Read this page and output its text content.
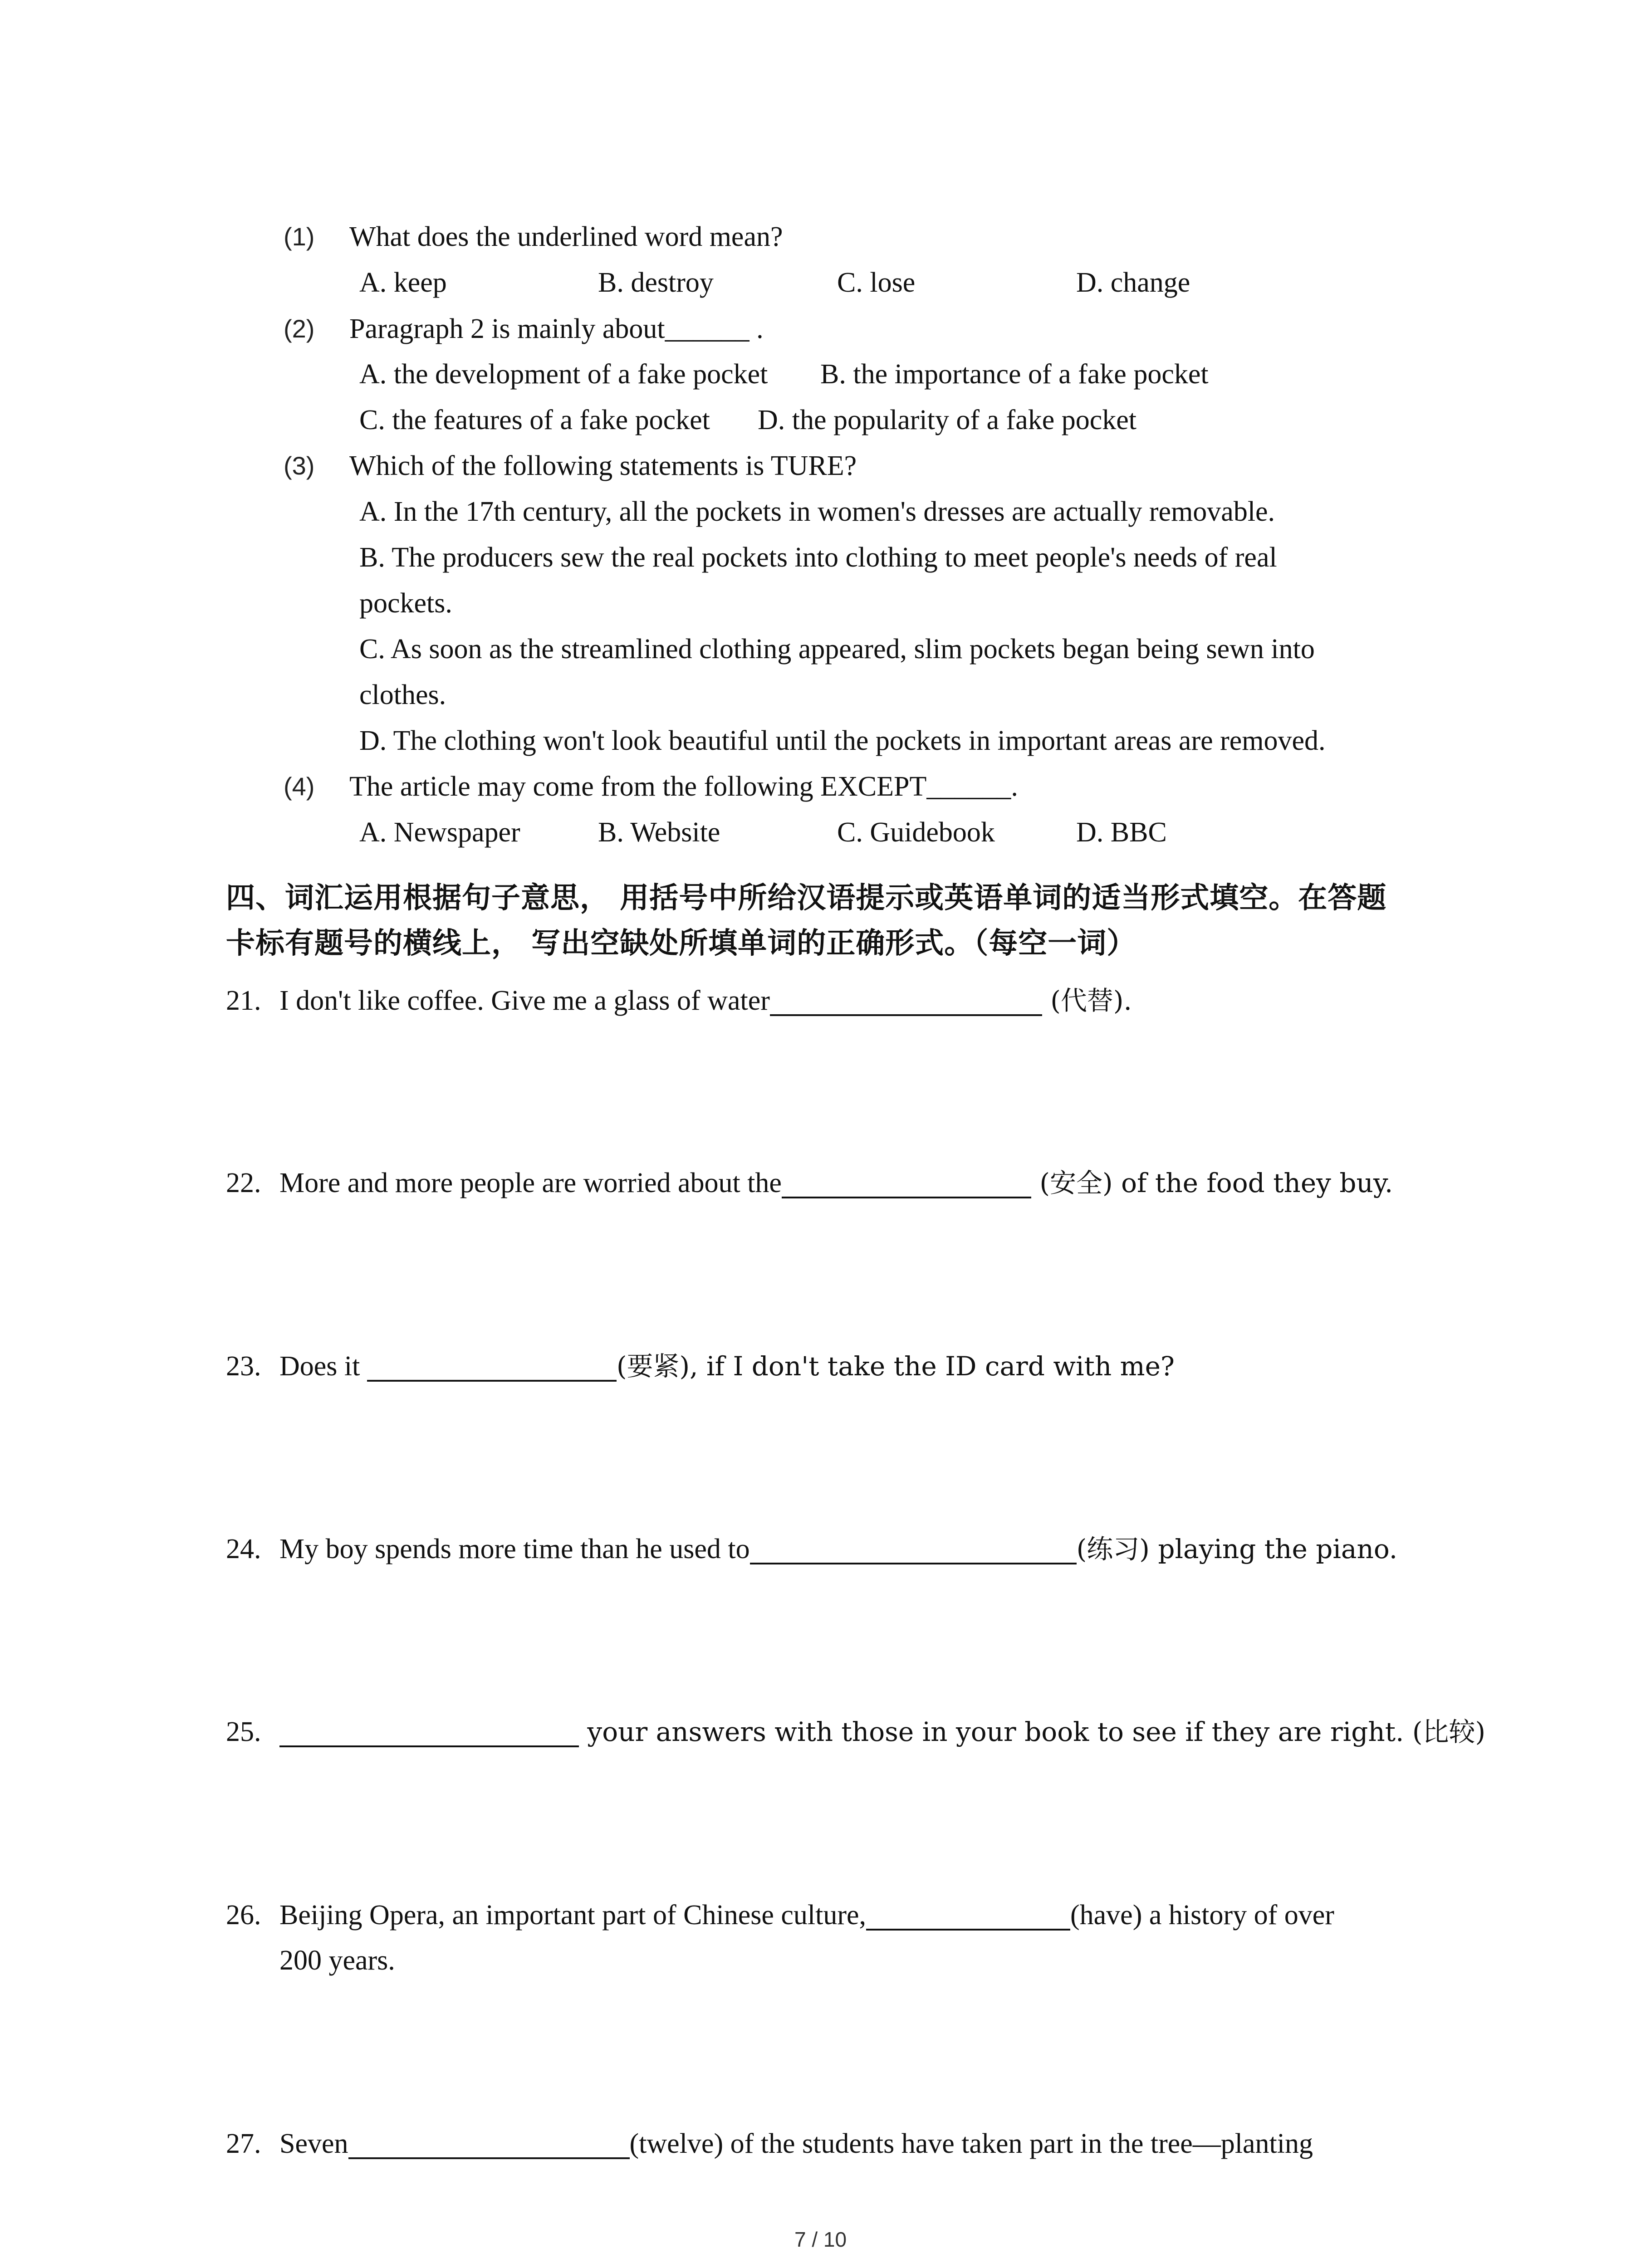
(1)	What does the underlined word mean?
A. keep	B. destroy	C. lose	D. change
(2)	Paragraph 2 is mainly about______ .
A. the development of a fake pocket B. the importance of a fake pocket
C. the features of a fake pocket D. the popularity of a fake pocket
(3)	Which of the following statements is TURE?
A. In the 17th century, all the pockets in women's dresses are actually removable.
B. The producers sew the real pockets into clothing to meet people's needs of real
pockets.
C. As soon as the streamlined clothing appeared, slim pockets began being sewn into
clothes.
D. The clothing won't look beautiful until the pockets in important areas are removed.
(4)	The article may come from the following EXCEPT______.
A. Newspaper	B. Website	C. Guidebook	D. BBC
四、词汇运用根据句子意思， 用括号中所给汉语提示或英语单词的适当形式填空。在答题
卡标有题号的横线上， 写出空缺处所填单词的正确形式。（每空一词）
21. I don't like coffee. Give me a glass of water	(代替).
22. More and more people are worried about the	(安全) of the food they buy.
23. Does it	(要紧), if I don't take the ID card with me?
24. My boy spends more time than he used to	(练习) playing the piano.
25.	your answers with those in your book to see if they are right. (比较)
26. Beijing Opera, an important part of Chinese culture,	(have) a history of over
200 years.
27. Seven	(twelve) of the students have taken part in the tree—planting
7 / 10
